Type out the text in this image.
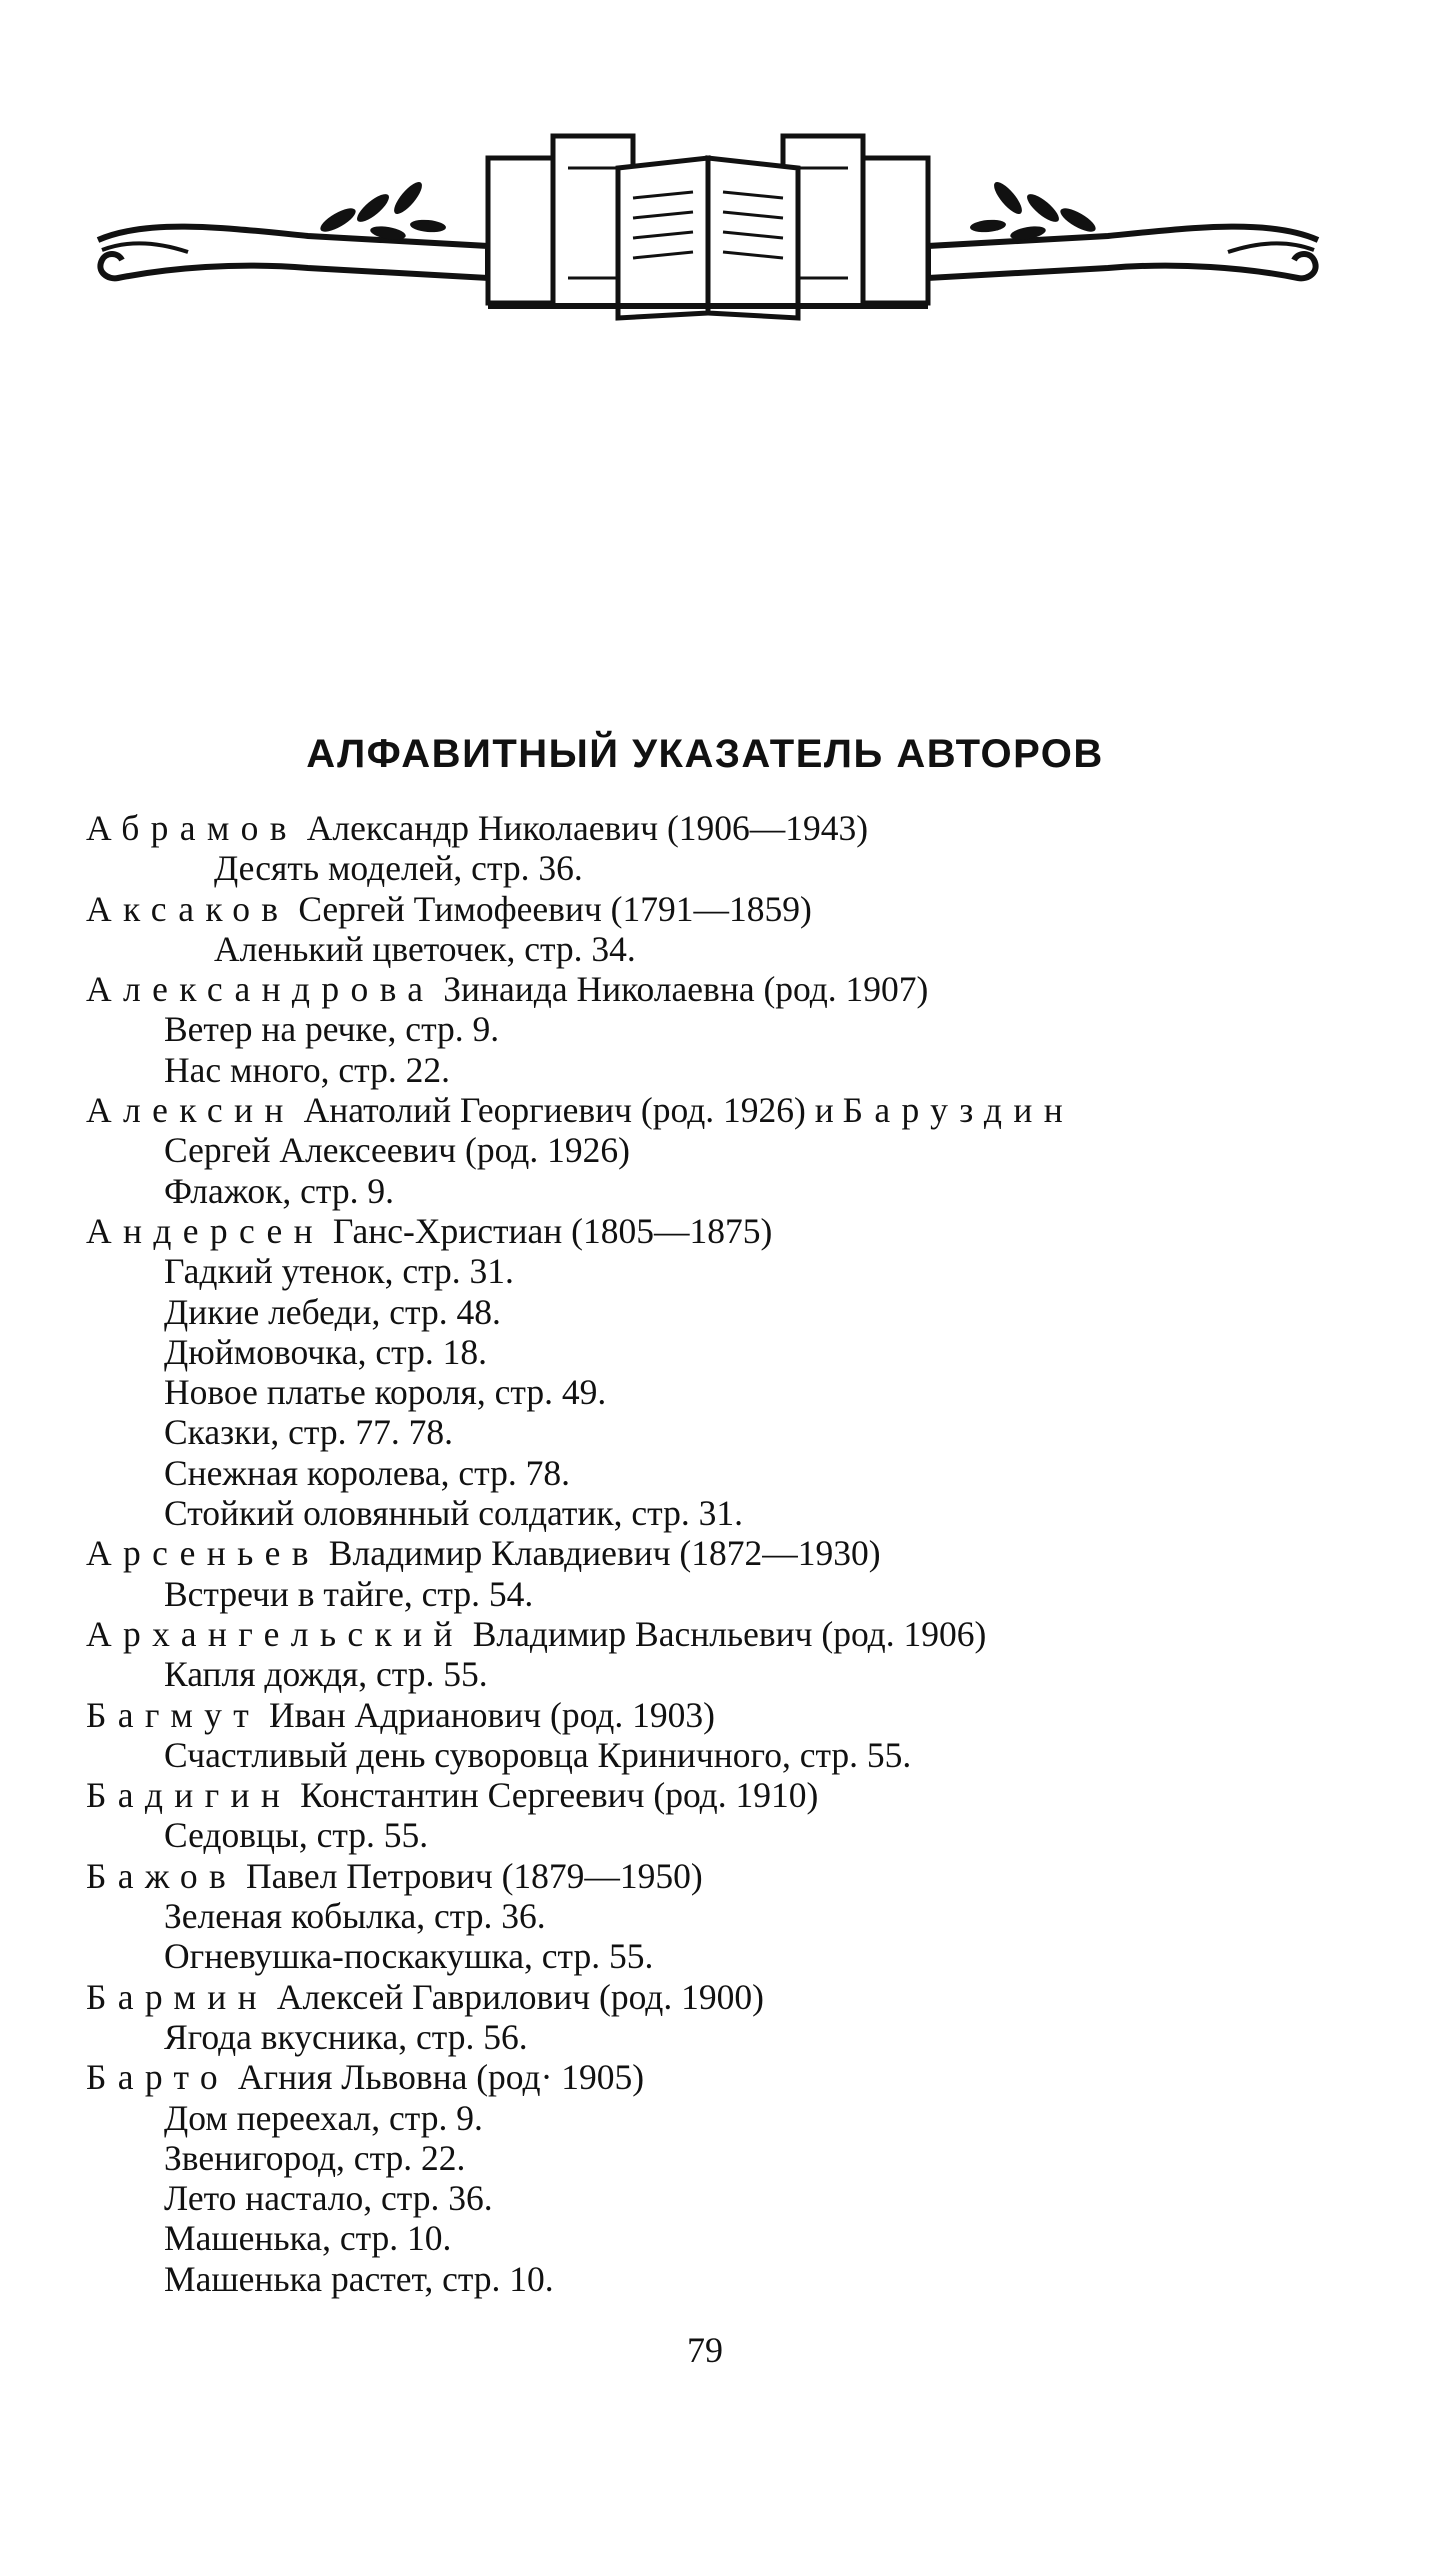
АЛФАВИТНЫЙ УКАЗАТЕЛЬ АВТОРОВ
Абрамов Александр Николаевич (1906—1943)
Десять моделей, стр. 36.
Аксаков Сергей Тимофеевич (1791—1859)
Аленький цветочек, стр. 34.
Александрова Зинаида Николаевна (род. 1907)
Ветер на речке, стр. 9.
Нас много, стр. 22.
Алексин Анатолий Георгиевич (род. 1926) и Баруздин
Сергей Алексеевич (род. 1926)
Флажок, стр. 9.
Андерсен Ганс-Христиан (1805—1875)
Гадкий утенок, стр. 31.
Дикие лебеди, стр. 48.
Дюймовочка, стр. 18.
Новое платье короля, стр. 49.
Сказки, стр. 77. 78.
Снежная королева, стр. 78.
Стойкий оловянный солдатик, стр. 31.
Арсеньев Владимир Клавдиевич (1872—1930)
Встречи в тайге, стр. 54.
Архангельский Владимир Васнльевич (род. 1906)
Капля дождя, стр. 55.
Багмут Иван Адрианович (род. 1903)
Счастливый день суворовца Криничного, стр. 55.
Бадигин Константин Сергеевич (род. 1910)
Седовцы, стр. 55.
Бажов Павел Петрович (1879—1950)
Зеленая кобылка, стр. 36.
Огневушка-поскакушка, стр. 55.
Бармин Алексей Гаврилович (род. 1900)
Ягода вкусника, стр. 56.
Барто Агния Львовна (род· 1905)
Дом переехал, стр. 9.
Звенигород, стр. 22.
Лето настало, стр. 36.
Машенька, стр. 10.
Машенька растет, стр. 10.
79
